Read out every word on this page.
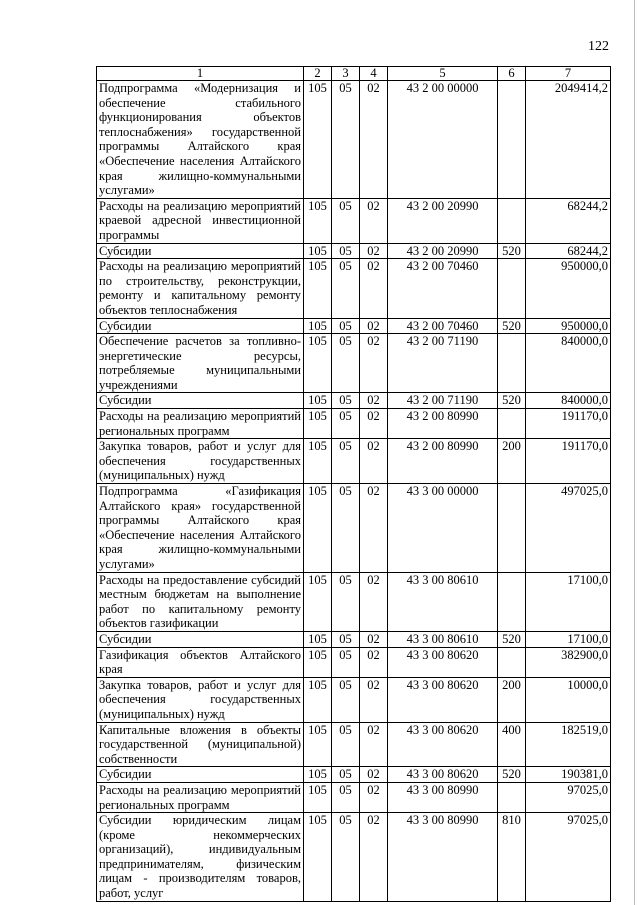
122
1	2	3	4	5	6	7
Подпрограмма «Модернизация и обеспечение стабильного функционирования объектов теплоснабжения» государственной программы Алтайского края «Обеспечение населения Алтайского края жилищно-коммунальными услугами»	105	05	02	43 2 00 00000		2049414,2
Расходы на реализацию мероприятий краевой адресной инвестиционной программы	105	05	02	43 2 00 20990		68244,2
Субсидии	105	05	02	43 2 00 20990	520	68244,2
Расходы на реализацию мероприятий по строительству, реконструкции, ремонту и капитальному ремонту объектов теплоснабжения	105	05	02	43 2 00 70460		950000,0
Субсидии	105	05	02	43 2 00 70460	520	950000,0
Обеспечение расчетов за топливно-энергетические ресурсы, потребляемые муниципальными учреждениями	105	05	02	43 2 00 71190		840000,0
Субсидии	105	05	02	43 2 00 71190	520	840000,0
Расходы на реализацию мероприятий региональных программ	105	05	02	43 2 00 80990		191170,0
Закупка товаров, работ и услуг для обеспечения государственных (муниципальных) нужд	105	05	02	43 2 00 80990	200	191170,0
Подпрограмма «Газификация Алтайского края» государственной программы Алтайского края «Обеспечение населения Алтайского края жилищно-коммунальными услугами»	105	05	02	43 3 00 00000		497025,0
Расходы на предоставление субсидий местным бюджетам на выполнение работ по капитальному ремонту объектов газификации	105	05	02	43 3 00 80610		17100,0
Субсидии	105	05	02	43 3 00 80610	520	17100,0
Газификация объектов Алтайского края	105	05	02	43 3 00 80620		382900,0
Закупка товаров, работ и услуг для обеспечения государственных (муниципальных) нужд	105	05	02	43 3 00 80620	200	10000,0
Капитальные вложения в объекты государственной (муниципальной) собственности	105	05	02	43 3 00 80620	400	182519,0
Субсидии	105	05	02	43 3 00 80620	520	190381,0
Расходы на реализацию мероприятий региональных программ	105	05	02	43 3 00 80990		97025,0
Субсидии юридическим лицам (кроме некоммерческих организаций), индивидуальным предпринимателям, физическим лицам - производителям товаров, работ, услуг	105	05	02	43 3 00 80990	810	97025,0
